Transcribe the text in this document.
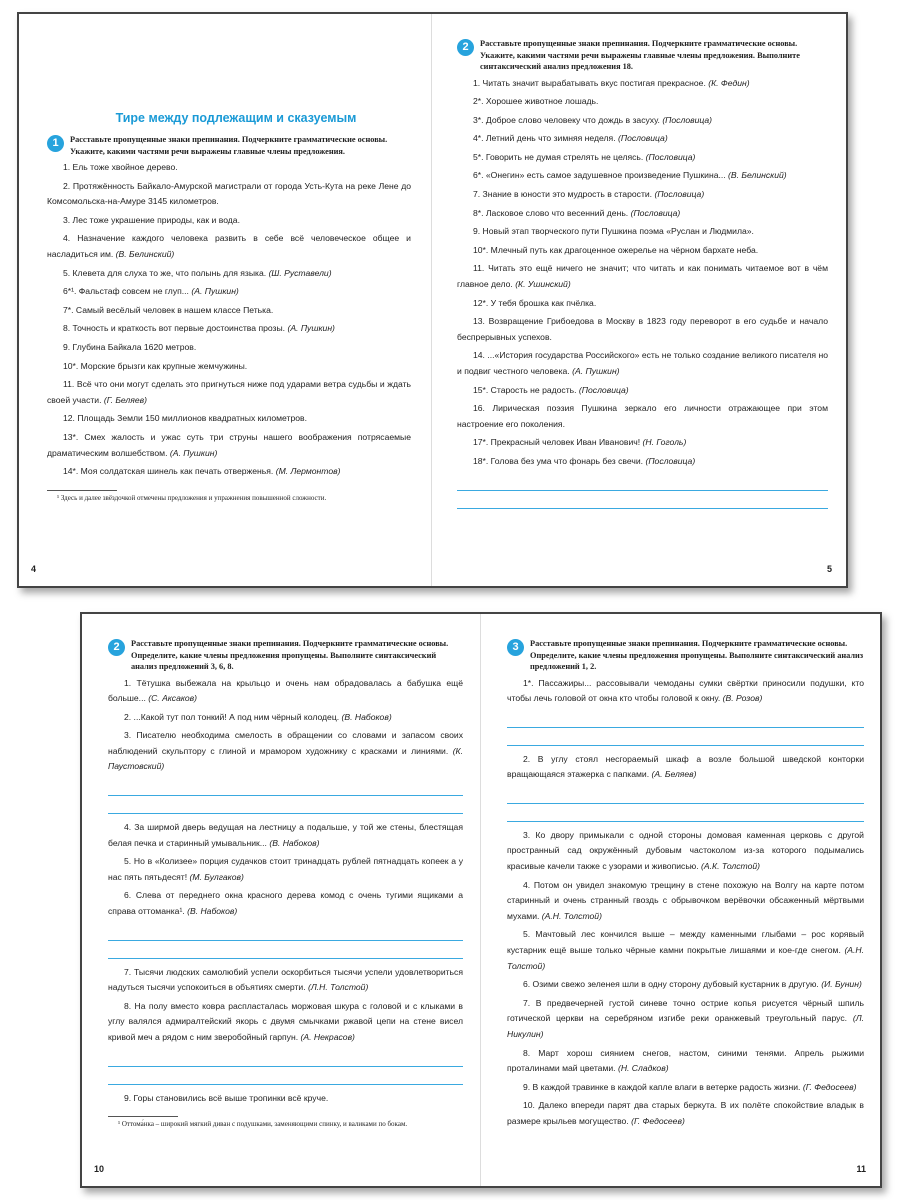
Тире между подлежащим и сказуемым
1	Расставьте пропущенные знаки препинания. Подчеркните грамматические основы. Укажите, какими частями речи выражены главные члены предложения.

1. Ель тоже хвойное дерево.

2. Протяжённость Байкало-Амурской магистрали от города Усть-Кута на реке Лене до Комсомольска-на-Амуре 3145 километров.

3. Лес тоже украшение природы, как и вода.

4. Назначение каждого человека развить в себе всё человеческое общее и насладиться им. (В. Белинский)

5. Клевета для слуха то же, что полынь для языка. (Ш. Руставели)

6*¹. Фальстаф совсем не глуп... (А. Пушкин)

7*. Самый весёлый человек в нашем классе Петька.

8. Точность и краткость вот первые достоинства прозы. (А. Пушкин)

9. Глубина Байкала 1620 метров.

10*. Морские брызги как крупные жемчужины.

11. Всё что они могут сделать это пригнуться ниже под ударами ветра судьбы и ждать своей участи. (Г. Беляев)

12. Площадь Земли 150 миллионов квадратных километров.

13*. Смех жалость и ужас суть три струны нашего воображения потрясаемые драматическим волшебством. (А. Пушкин)

14*. Моя солдатская шинель как печать отверженья. (М. Лермонтов)

¹ Здесь и далее звёздочкой отмечены предложения и упражнения повышенной сложности.
4
2	Расставьте пропущенные знаки препинания. Подчеркните грамматические основы. Укажите, какими частями речи выражены главные члены предложения. Выполните синтаксический анализ предложения 18.

1. Читать значит вырабатывать вкус постигая прекрасное. (К. Федин)

2*. Хорошее животное лошадь.

3*. Доброе слово человеку что дождь в засуху. (Пословица)

4*. Летний день что зимняя неделя. (Пословица)

5*. Говорить не думая стрелять не целясь. (Пословица)

6*. «Онегин» есть самое задушевное произведение Пушкина... (В. Белинский)

7. Знание в юности это мудрость в старости. (Пословица)

8*. Ласковое слово что весенний день. (Пословица)

9. Новый этап творческого пути Пушкина поэма «Руслан и Людмила».

10*. Млечный путь как драгоценное ожерелье на чёрном бархате неба.

11. Читать это ещё ничего не значит; что читать и как понимать читаемое вот в чём главное дело. (К. Ушинский)

12*. У тебя брошка как пчёлка.

13. Возвращение Грибоедова в Москву в 1823 году переворот в его судьбе и начало беспрерывных успехов.

14. ...«История государства Российского» есть не только создание великого писателя но и подвиг честного человека. (А. Пушкин)

15*. Старость не радость. (Пословица)

16. Лирическая поэзия Пушкина зеркало его личности отражающее при этом настроение его поколения.

17*. Прекрасный человек Иван Иванович! (Н. Гоголь)

18*. Голова без ума что фонарь без свечи. (Пословица)

5
2	Расставьте пропущенные знаки препинания. Подчеркните грамматические основы. Определите, какие члены предложения пропущены. Выполните синтаксический анализ предложений 3, 6, 8.

1. Тётушка выбежала на крыльцо и очень нам обрадовалась а бабушка ещё больше... (С. Аксаков)

2. ...Какой тут пол тонкий! А под ним чёрный колодец. (В. Набоков)

3. Писателю необходима смелость в обращении со словами и запасом своих наблюдений скульптору с глиной и мрамором художнику с красками и линиями. (К. Паустовский)

4. За ширмой дверь ведущая на лестницу а подальше, у той же стены, блестящая белая печка и старинный умывальник... (В. Набоков)

5. Но в «Колизее» порция судачков стоит тринадцать рублей пятнадцать копеек а у нас пять пятьдесят! (М. Булгаков)

6. Слева от переднего окна красного дерева комод с очень тугими ящиками а справа оттоманка¹. (В. Набоков)

7. Тысячи людских самолюбий успели оскорбиться тысячи успели удовлетвориться надуться тысячи успокоиться в объятиях смерти. (Л.Н. Толстой)

8. На полу вместо ковра распласталась моржовая шкура с головой и с клыками в углу валялся адмиралтейский якорь с двумя смычками ржавой цепи на стене висел кривой меч а рядом с ним зверобойный гарпун. (А. Некрасов)

9. Горы становились всё выше тропинки всё круче.

¹ Оттома́нка – широкий мягкий диван с подушками, заменяющими спинку, и валиками по бокам.
10
3	Расставьте пропущенные знаки препинания. Подчеркните грамматические основы. Определите, какие члены предложения пропущены. Выполните синтаксический анализ предложений 1, 2.

1*. Пассажиры... рассовывали чемоданы сумки свёртки приносили подушки, кто чтобы лечь головой от окна кто чтобы головой к окну. (В. Розов)

2. В углу стоял несгораемый шкаф а возле большой шведской конторки вращающаяся этажерка с папками. (А. Беляев)

3. Ко двору примыкали с одной стороны домовая каменная церковь с другой пространный сад окружённый дубовым частоколом из-за которого подымались красивые качели также с узорами и живописью. (А.К. Толстой)

4. Потом он увидел знакомую трещину в стене похожую на Волгу на карте потом старинный и очень странный гвоздь с обрывочком верёвочки обсаженный мёртвыми мухами. (А.Н. Толстой)

5. Мачтовый лес кончился выше – между каменными глыбами – рос корявый кустарник ещё выше только чёрные камни покрытые лишаями и кое-где снегом. (А.Н. Толстой)

6. Озими свежо зеленея шли в одну сторону дубовый кустарник в другую. (И. Бунин)

7. В предвечерней густой синеве точно острие копья рисуется чёрный шпиль готической церкви на серебряном изгибе реки оранжевый треугольный парус. (Л. Никулин)

8. Март хорош сиянием снегов, настом, синими тенями. Апрель рыжими проталинами май цветами. (Н. Сладков)

9. В каждой травинке в каждой капле влаги в ветерке радость жизни. (Г. Федосеев)

10. Далеко впереди парят два старых беркута. В их полёте спокойствие владык в размере крыльев могущество. (Г. Федосеев)

11
